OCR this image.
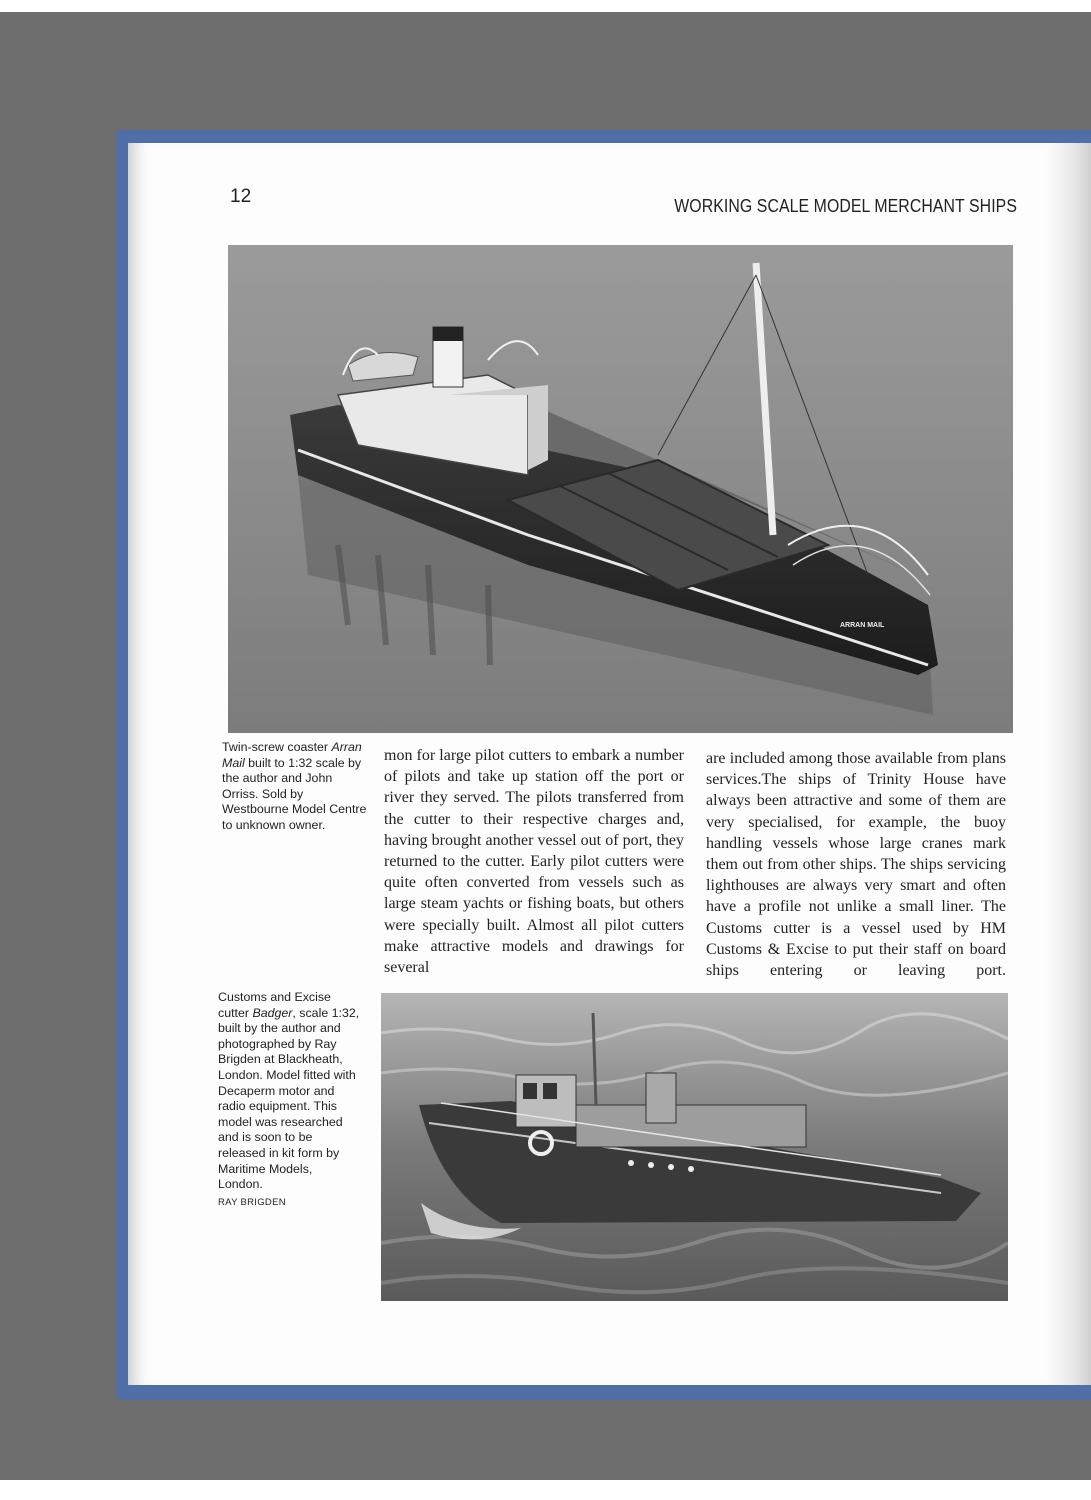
12	WORKING SCALE MODEL MERCHANT SHIPS
ARRAN MAIL
Twin-screw coaster Arran Mail built to 1:32 scale by the author and John Orriss. Sold by Westbourne Model Centre to unknown owner.

mon for large pilot cutters to embark a number of pilots and take up station off the port or river they served. The pilots transferred from the cutter to their respective charges and, having brought another vessel out of port, they returned to the cutter. Early pilot cutters were quite often converted from vessels such as large steam yachts or fishing boats, but others were specially built. Almost all pilot cutters make attractive models and drawings for several

are included among those available from plans services.The ships of Trinity House have always been attractive and some of them are very specialised, for example, the buoy handling vessels whose large cranes mark them out from other ships. The ships servicing lighthouses are always very smart and often have a profile not unlike a small liner. The Customs cutter is a vessel used by HM Customs & Excise to put their staff on board ships entering or leaving port.

Customs and Excise cutter Badger, scale 1:32, built by the author and photographed by Ray Brigden at Blackheath, London. Model fitted with Decaperm motor and radio equipment. This model was researched and is soon to be released in kit form by Maritime Models, London.
RAY BRIGDEN
